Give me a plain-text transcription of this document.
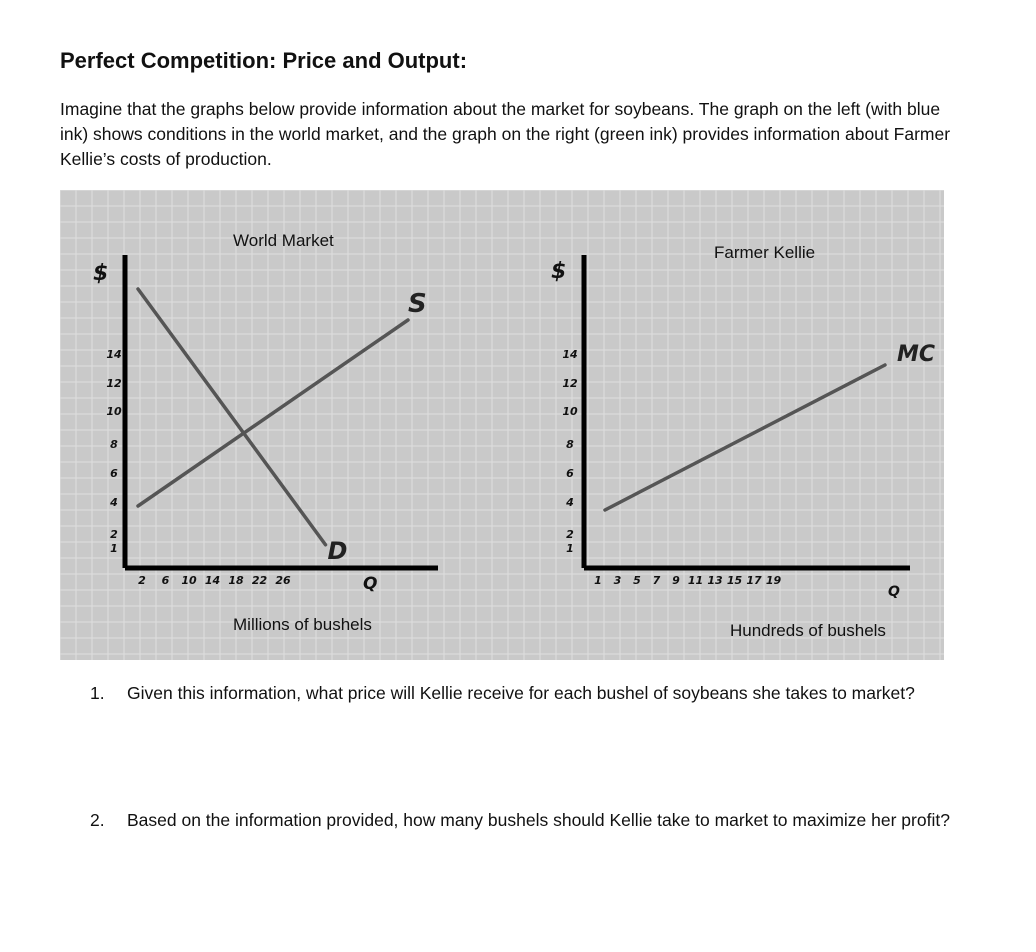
Perfect Competition: Price and Output:

Imagine that the graphs below provide information about the market for soybeans. The graph on the left (with blue ink) shows conditions in the world market, and the graph on the right (green ink) provides information about Farmer Kellie’s costs of production.

World Market
$
1
2
4
6
8
10
12
14
2 6 10 14 18 22 26
S
D
Q
Millions of bushels
Farmer Kellie
$
1
2
4
6
8
10
12
14
1 3 5 7 9 11 13 15 17 19
MC
Q
Hundreds of bushels
1. Given this information, what price will Kellie receive for each bushel of soybeans she takes to market?
2. Based on the information provided, how many bushels should Kellie take to market to maximize her profit?
